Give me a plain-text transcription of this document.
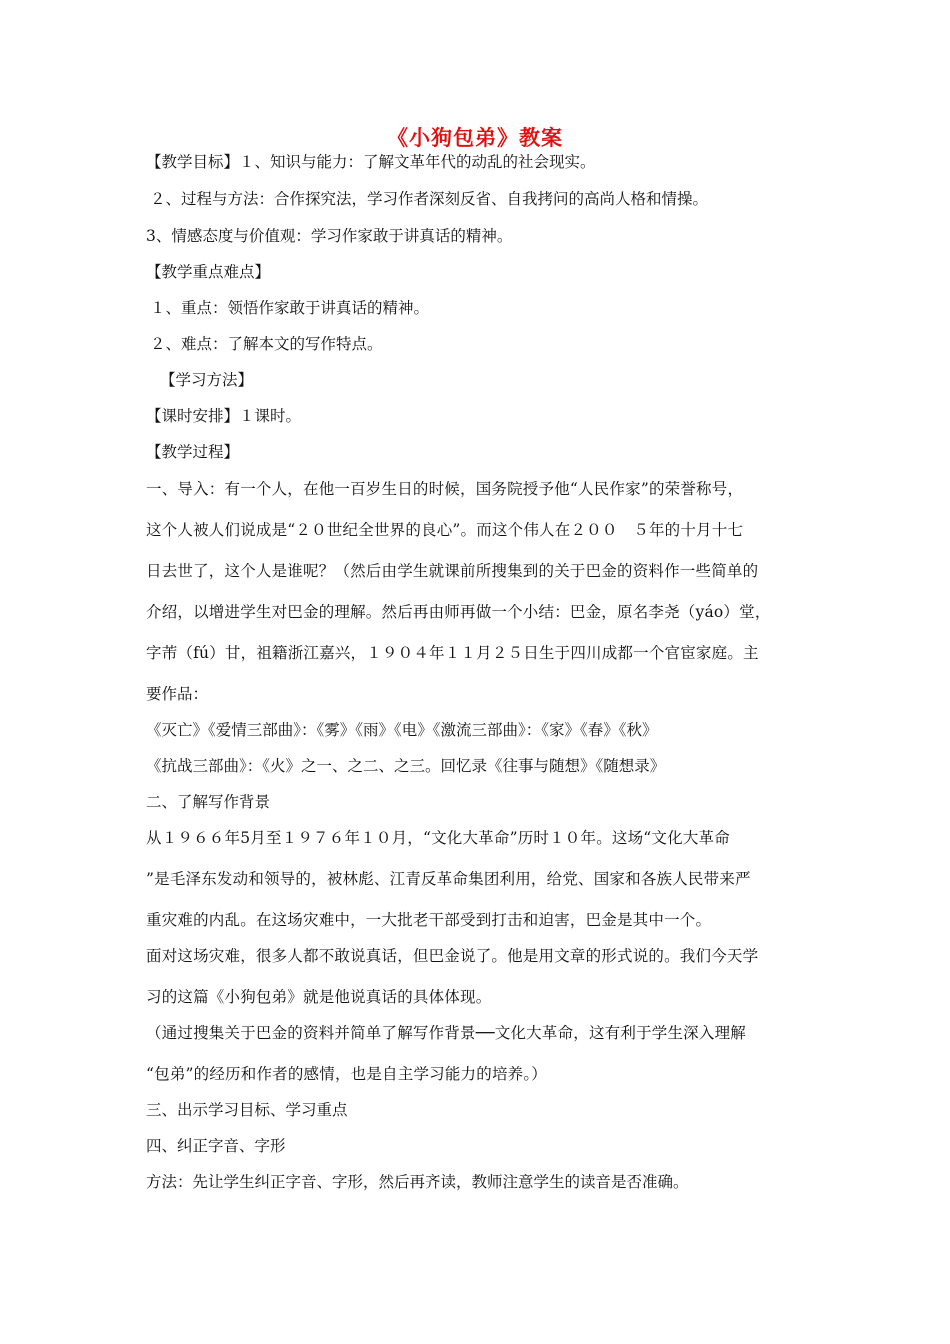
《小狗包弟》教案
【教学目标】１、知识与能力：了解文革年代的动乱的社会现实。
２、过程与方法：合作探究法，学习作者深刻反省、自我拷问的高尚人格和情操。
3、情感态度与价值观：学习作家敢于讲真话的精神。
【教学重点难点】
１、重点：领悟作家敢于讲真话的精神。
２、难点：了解本文的写作特点。
【学习方法】
【课时安排】１课时。
【教学过程】
一、导入：有一个人，在他一百岁生日的时候，国务院授予他“人民作家”的荣誉称号，
这个人被人们说成是“２０世纪全世界的良心”。而这个伟人在２００　５年的十月十七
日去世了，这个人是谁呢？（然后由学生就课前所搜集到的关于巴金的资料作一些简单的
介绍，以增进学生对巴金的理解。然后再由师再做一个小结：巴金，原名李尧（yáo）堂，
字芾（fú）甘，祖籍浙江嘉兴，１９０４年１１月２５日生于四川成都一个官宦家庭。主
要作品：
《灭亡》《爱情三部曲》：《雾》《雨》《电》《激流三部曲》：《家》《春》《秋》
《抗战三部曲》：《火》之一、之二、之三。回忆录《往事与随想》《随想录》
二、了解写作背景
从１９６６年5月至１９７６年１０月，“文化大革命”历时１０年。这场“文化大革命
”是毛泽东发动和领导的，被林彪、江青反革命集团利用，给党、国家和各族人民带来严
重灾难的内乱。在这场灾难中，一大批老干部受到打击和迫害，巴金是其中一个。
面对这场灾难，很多人都不敢说真话，但巴金说了。他是用文章的形式说的。我们今天学
习的这篇《小狗包弟》就是他说真话的具体体现。
（通过搜集关于巴金的资料并简单了解写作背景──文化大革命，这有利于学生深入理解
“包弟”的经历和作者的感情，也是自主学习能力的培养。）
三、出示学习目标、学习重点
四、纠正字音、字形
方法：先让学生纠正字音、字形，然后再齐读，教师注意学生的读音是否准确。
